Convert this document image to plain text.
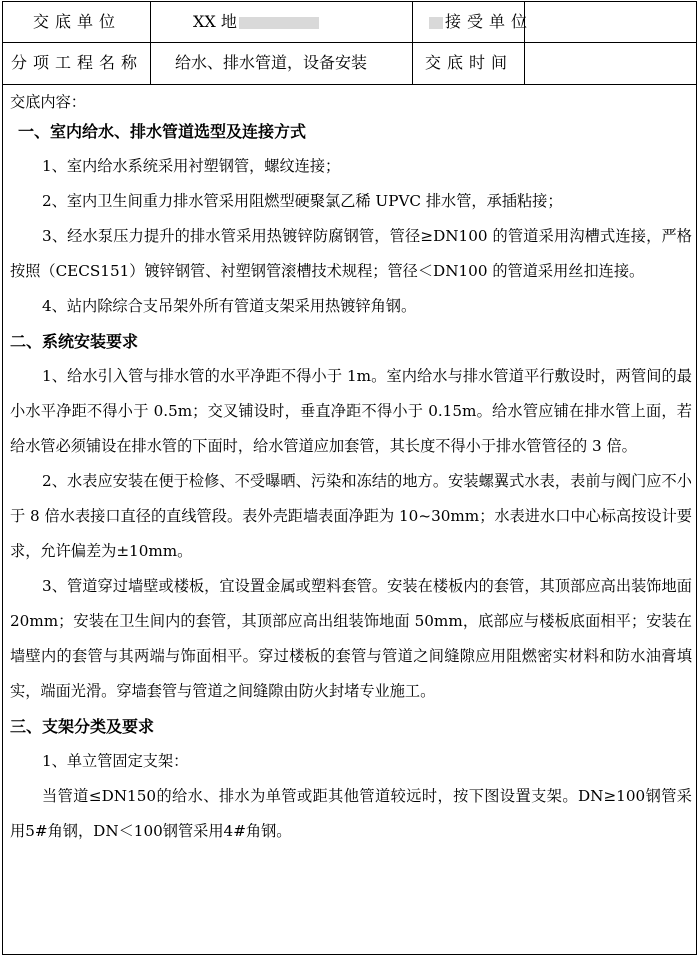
交底单位	XX 地	接受单位
分项工程名称 给水、排水管道，设备安装	交底时间

交底内容：

一、室内给水、排水管道选型及连接方式

1、室内给水系统采用衬塑钢管，螺纹连接；

2、室内卫生间重力排水管采用阻燃型硬聚氯乙稀 UPVC 排水管，承插粘接；

3、经水泵压力提升的排水管采用热镀锌防腐钢管，管径≥DN100 的管道采用沟槽式连接，严格按照（CECS151）镀锌钢管、衬塑钢管滚槽技术规程；管径＜DN100 的管道采用丝扣连接。

4、站内除综合支吊架外所有管道支架采用热镀锌角钢。

二、系统安装要求

1、给水引入管与排水管的水平净距不得小于 1m。室内给水与排水管道平行敷设时，两管间的最小水平净距不得小于 0.5m；交叉铺设时，垂直净距不得小于 0.15m。给水管应铺在排水管上面，若给水管必须铺设在排水管的下面时，给水管道应加套管，其长度不得小于排水管管径的 3 倍。

2、水表应安装在便于检修、不受曝晒、污染和冻结的地方。安装螺翼式水表，表前与阀门应不小于 8 倍水表接口直径的直线管段。表外壳距墙表面净距为 10~30mm；水表进水口中心标高按设计要求，允许偏差为±10mm。

3、管道穿过墙壁或楼板，宜设置金属或塑料套管。安装在楼板内的套管，其顶部应高出装饰地面 20mm；安装在卫生间内的套管，其顶部应高出组装饰地面 50mm，底部应与楼板底面相平；安装在墙壁内的套管与其两端与饰面相平。穿过楼板的套管与管道之间缝隙应用阻燃密实材料和防水油膏填实，端面光滑。穿墙套管与管道之间缝隙由防火封堵专业施工。

三、支架分类及要求

1、单立管固定支架：

当管道≤DN150的给水、排水为单管或距其他管道较远时，按下图设置支架。DN≥100钢管采用5#角钢，DN＜100钢管采用4#角钢。
